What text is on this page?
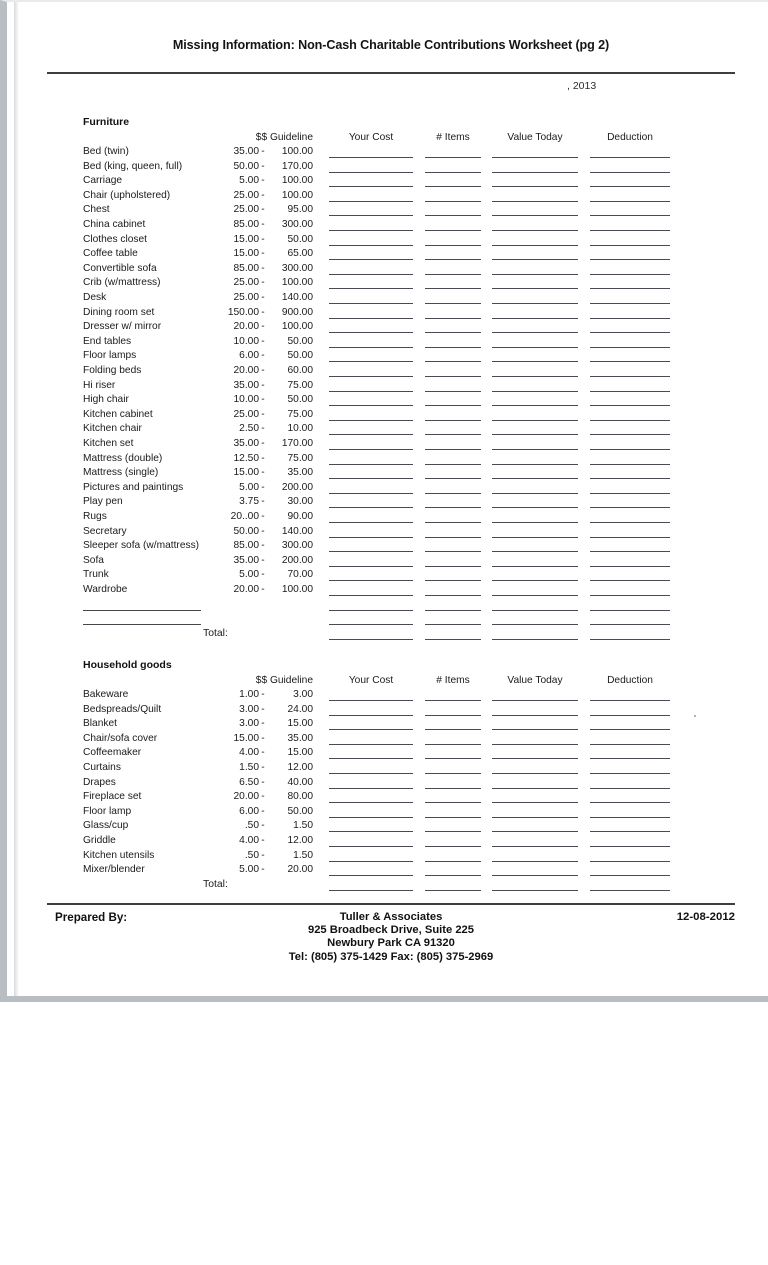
Missing Information: Non-Cash Charitable Contributions Worksheet (pg 2)
, 2013
Furniture
$$ Guideline	Your Cost	# Items	Value Today	Deduction
Bed (twin)	35.00 - 100.00
Bed (king, queen, full)	50.00 - 170.00
Carriage	5.00 - 100.00
Chair (upholstered)	25.00 - 100.00
Chest	25.00 - 95.00
China cabinet	85.00 - 300.00
Clothes closet	15.00 - 50.00
Coffee table	15.00 - 65.00
Convertible sofa	85.00 - 300.00
Crib (w/mattress)	25.00 - 100.00
Desk	25.00 - 140.00
Dining room set	150.00 - 900.00
Dresser w/ mirror	20.00 - 100.00
End tables	10.00 - 50.00
Floor lamps	6.00 - 50.00
Folding beds	20.00 - 60.00
Hi riser	35.00 - 75.00
High chair	10.00 - 50.00
Kitchen cabinet	25.00 - 75.00
Kitchen chair	2.50 - 10.00
Kitchen set	35.00 - 170.00
Mattress (double)	12.50 - 75.00
Mattress (single)	15.00 - 35.00
Pictures and paintings	5.00 - 200.00
Play pen	3.75 - 30.00
Rugs	20..00 - 90.00
Secretary	50.00 - 140.00
Sleeper sofa (w/mattress)	85.00 - 300.00
Sofa	35.00 - 200.00
Trunk	5.00 - 70.00
Wardrobe	20.00 - 100.00
Total:
Household goods
$$ Guideline	Your Cost	# Items	Value Today	Deduction
Bakeware	1.00 -	3.00
Bedspreads/Quilt	3.00 - 24.00
Blanket	3.00 - 15.00
Chair/sofa cover	15.00 - 35.00
Coffeemaker	4.00 - 15.00
Curtains	1.50 - 12.00
Drapes	6.50 - 40.00
Fireplace set	20.00 - 80.00
Floor lamp	6.00 - 50.00
Glass/cup	.50 -	1.50
Griddle	4.00 - 12.00
Kitchen utensils	.50 -	1.50
Mixer/blender	5.00 - 20.00
Total:
Prepared By:	Tuller & Associates
925 Broadbeck Drive, Suite 225
Newbury Park CA 91320
Tel: (805) 375-1429 Fax: (805) 375-2969
12-08-2012
